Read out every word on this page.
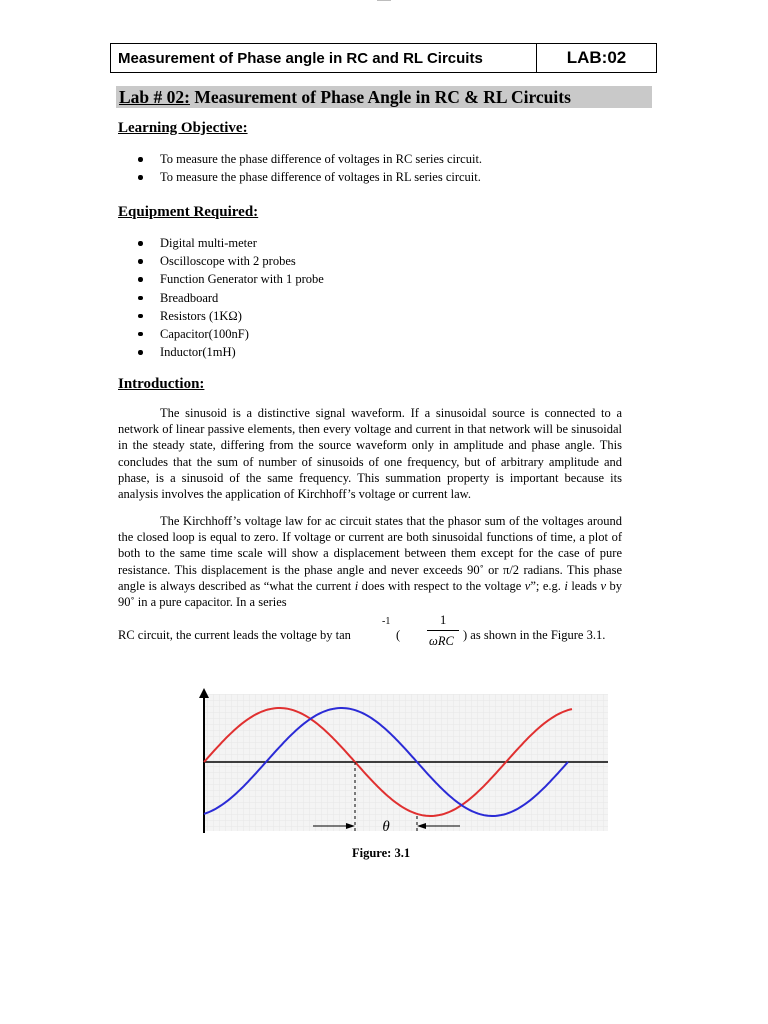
Measurement of Phase angle in RC and RL Circuits	LAB:02
Lab # 02: Measurement of Phase Angle in RC & RL Circuits
Learning Objective:
To measure the phase difference of voltages in RC series circuit.
To measure the phase difference of voltages in RL series circuit.
Equipment Required:
Digital multi-meter
Oscilloscope with 2 probes
Function Generator with 1 probe
Breadboard
Resistors (1KΩ)
Capacitor(100nF)
Inductor(1mH)
Introduction:

The sinusoid is a distinctive signal waveform. If a sinusoidal source is connected to a network of linear passive elements, then every voltage and current in that network will be sinusoidal in the steady state, differing from the source waveform only in amplitude and phase angle. This concludes that the sum of number of sinusoids of one frequency, but of arbitrary amplitude and phase, is a sinusoid of the same frequency. This summation property is important because its analysis involves the application of Kirchhoff’s voltage or current law.

The Kirchhoff’s voltage law for ac circuit states that the phasor sum of the voltages around the closed loop is equal to zero. If voltage or current are both sinusoidal functions of time, a plot of both to the same time scale will show a displacement between them except for the case of pure resistance. This displacement is the phase angle and never exceeds 90˚ or π/2 radians. This phase angle is always described as “what the current i does with respect to the voltage v”; e.g. i leads v by 90˚ in a pure capacitor. In a series

RC circuit, the current leads the voltage by tan
-1
(
1
ωRC ) as shown in the Figure 3.1.
θ
Figure: 3.1
